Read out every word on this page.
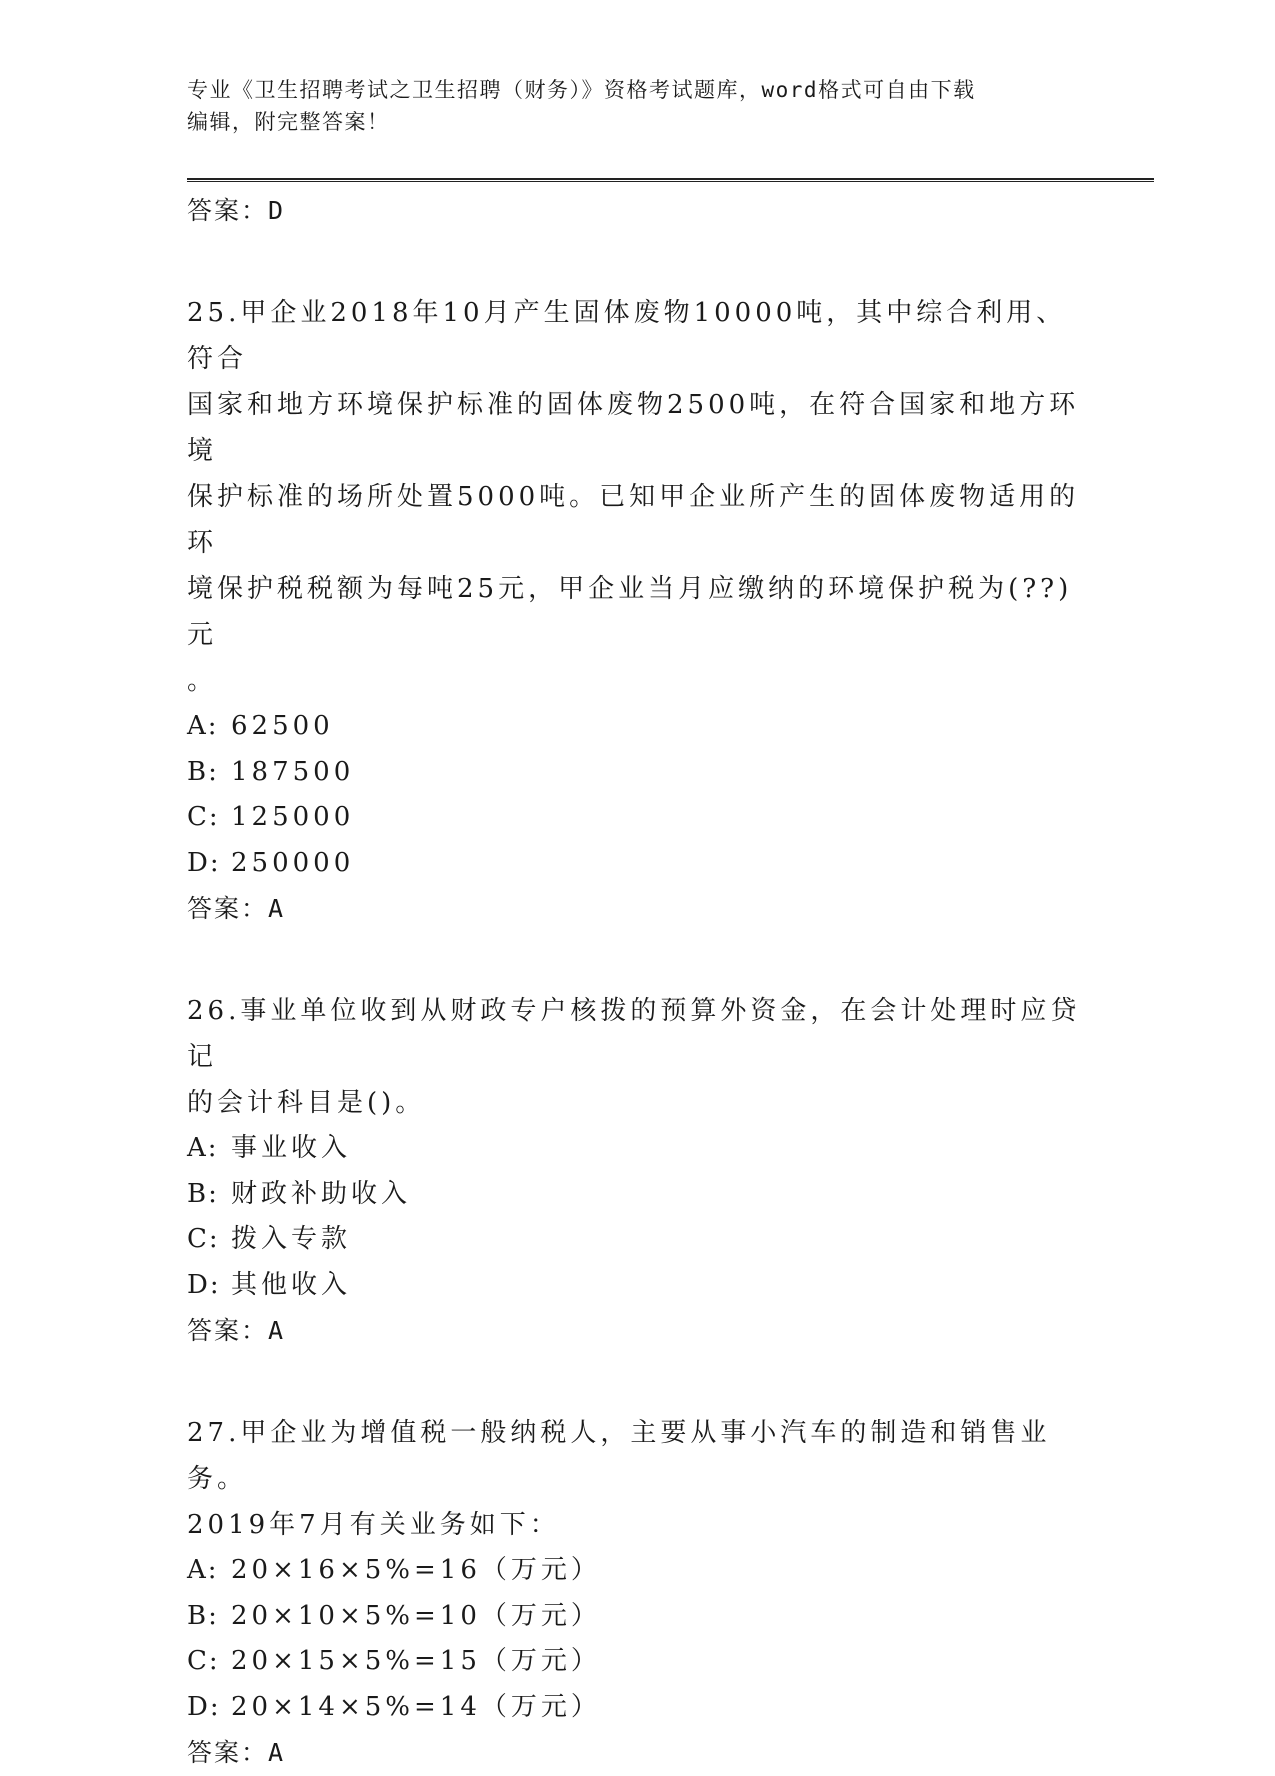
专业《卫生招聘考试之卫生招聘（财务）》资格考试题库，word格式可自由下载
编辑，附完整答案！
答案：D

25.甲企业2018年10月产生固体废物10000吨，其中综合利用、符合
国家和地方环境保护标准的固体废物2500吨，在符合国家和地方环境
保护标准的场所处置5000吨。已知甲企业所产生的固体废物适用的环
境保护税税额为每吨25元，甲企业当月应缴纳的环境保护税为(??)元
。

A: 62500
B: 187500
C: 125000
D: 250000
答案：A

26.事业单位收到从财政专户核拨的预算外资金，在会计处理时应贷记
的会计科目是()。

A: 事业收入
B: 财政补助收入
C: 拨入专款
D: 其他收入
答案：A

27.甲企业为增值税一般纳税人，主要从事小汽车的制造和销售业务。
2019年7月有关业务如下：

A: 20×16×5%=16（万元）
B: 20×10×5%=10（万元）
C: 20×15×5%=15（万元）
D: 20×14×5%=14（万元）
答案：A
